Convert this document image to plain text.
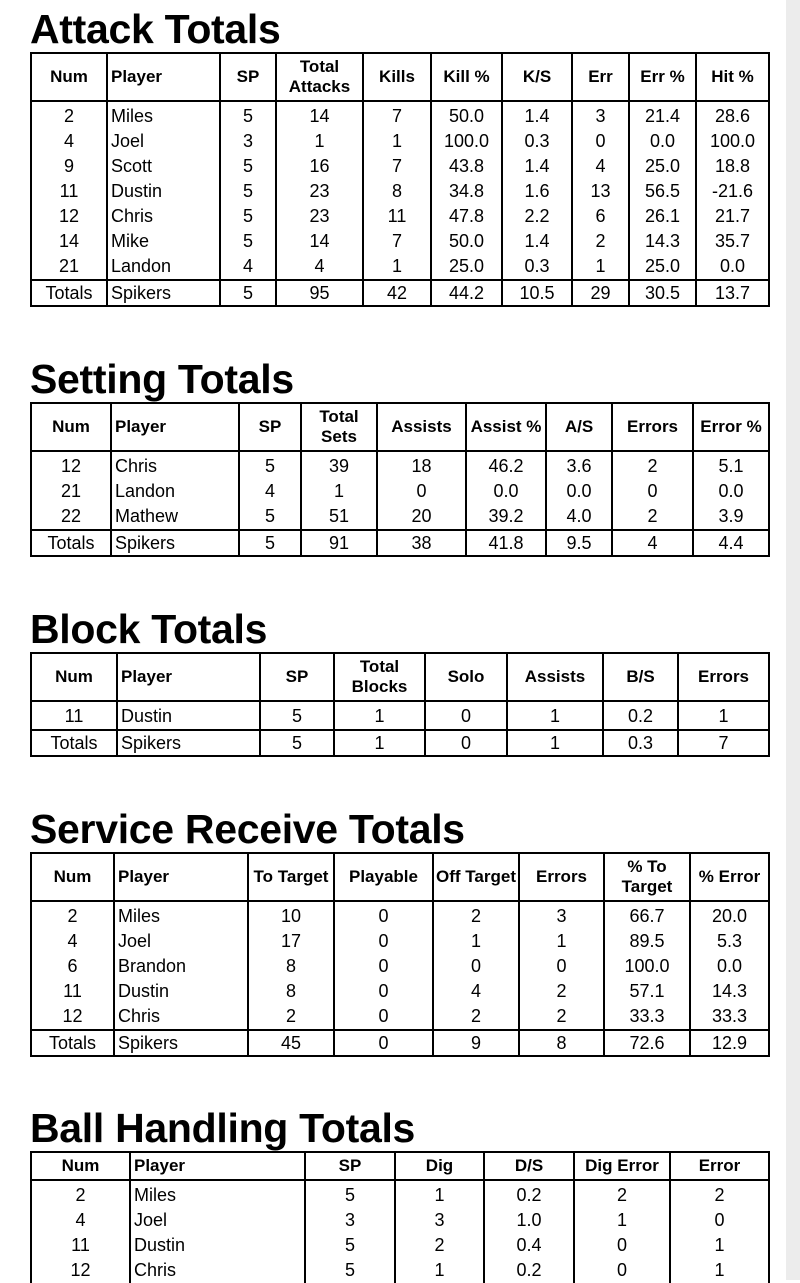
Attack Totals
Num	Player	SP	Total Attacks	Kills	Kill %	K/S	Err	Err %	Hit %
2	Miles	5	14	7	50.0	1.4	3	21.4	28.6
4	Joel	3	1	1	100.0	0.3	0	0.0	100.0
9	Scott	5	16	7	43.8	1.4	4	25.0	18.8
11	Dustin	5	23	8	34.8	1.6	13	56.5	-21.6
12	Chris	5	23	11	47.8	2.2	6	26.1	21.7
14	Mike	5	14	7	50.0	1.4	2	14.3	35.7
21	Landon	4	4	1	25.0	0.3	1	25.0	0.0
Totals	Spikers	5	95	42	44.2	10.5	29	30.5	13.7
Setting Totals
Num	Player	SP	Total Sets	Assists	Assist %	A/S	Errors	Error %
12	Chris	5	39	18	46.2	3.6	2	5.1
21	Landon	4	1	0	0.0	0.0	0	0.0
22	Mathew	5	51	20	39.2	4.0	2	3.9
Totals	Spikers	5	91	38	41.8	9.5	4	4.4
Block Totals
Num	Player	SP	Total Blocks	Solo	Assists	B/S	Errors
11	Dustin	5	1	0	1	0.2	1
Totals	Spikers	5	1	0	1	0.3	7
Service Receive Totals
Num	Player	To Target	Playable	Off Target	Errors	% To Target	% Error
2	Miles	10	0	2	3	66.7	20.0
4	Joel	17	0	1	1	89.5	5.3
6	Brandon	8	0	0	0	100.0	0.0
11	Dustin	8	0	4	2	57.1	14.3
12	Chris	2	0	2	2	33.3	33.3
Totals	Spikers	45	0	9	8	72.6	12.9
Ball Handling Totals
Num	Player	SP	Dig	D/S	Dig Error	Error
2	Miles	5	1	0.2	2	2
4	Joel	3	3	1.0	1	0
11	Dustin	5	2	0.4	0	1
12	Chris	5	1	0.2	0	1
